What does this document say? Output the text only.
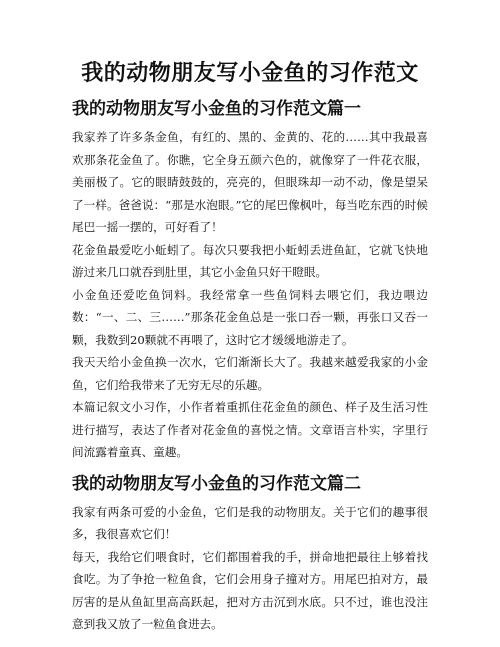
我的动物朋友写小金鱼的习作范文
我的动物朋友写小金鱼的习作范文篇一

我家养了许多条金鱼，有红的、黑的、金黄的、花的……其中我最喜欢那条花金鱼了。你瞧，它全身五颜六色的，就像穿了一件花衣服，美丽极了。它的眼睛鼓鼓的，亮亮的，但眼珠却一动不动，像是望呆了一样。爸爸说：“那是水泡眼。”它的尾巴像枫叶，每当吃东西的时候尾巴一摇一摆的，可好看了！

花金鱼最爱吃小蚯蚓了。每次只要我把小蚯蚓丢进鱼缸，它就飞快地游过来几口就吞到肚里，其它小金鱼只好干瞪眼。

小金鱼还爱吃鱼饲料。我经常拿一些鱼饲料去喂它们，我边喂边数：“一、二、三……”那条花金鱼总是一张口吞一颗，再张口又吞一颗，我数到20颗就不再喂了，这时它才缓缓地游走了。

我天天给小金鱼换一次水，它们渐渐长大了。我越来越爱我家的小金鱼，它们给我带来了无穷无尽的乐趣。

本篇记叙文小习作，小作者着重抓住花金鱼的颜色、样子及生活习性进行描写，表达了作者对花金鱼的喜悦之情。文章语言朴实，字里行间流露着童真、童趣。

我的动物朋友写小金鱼的习作范文篇二

我家有两条可爱的小金鱼，它们是我的动物朋友。关于它们的趣事很多，我很喜欢它们！

每天，我给它们喂食时，它们都围着我的手，拼命地把最往上够着找食吃。为了争抢一粒鱼食，它们会用身子撞对方。用尾巴拍对方，最厉害的是从鱼缸里高高跃起，把对方击沉到水底。只不过，谁也没注意到我又放了一粒鱼食进去。
